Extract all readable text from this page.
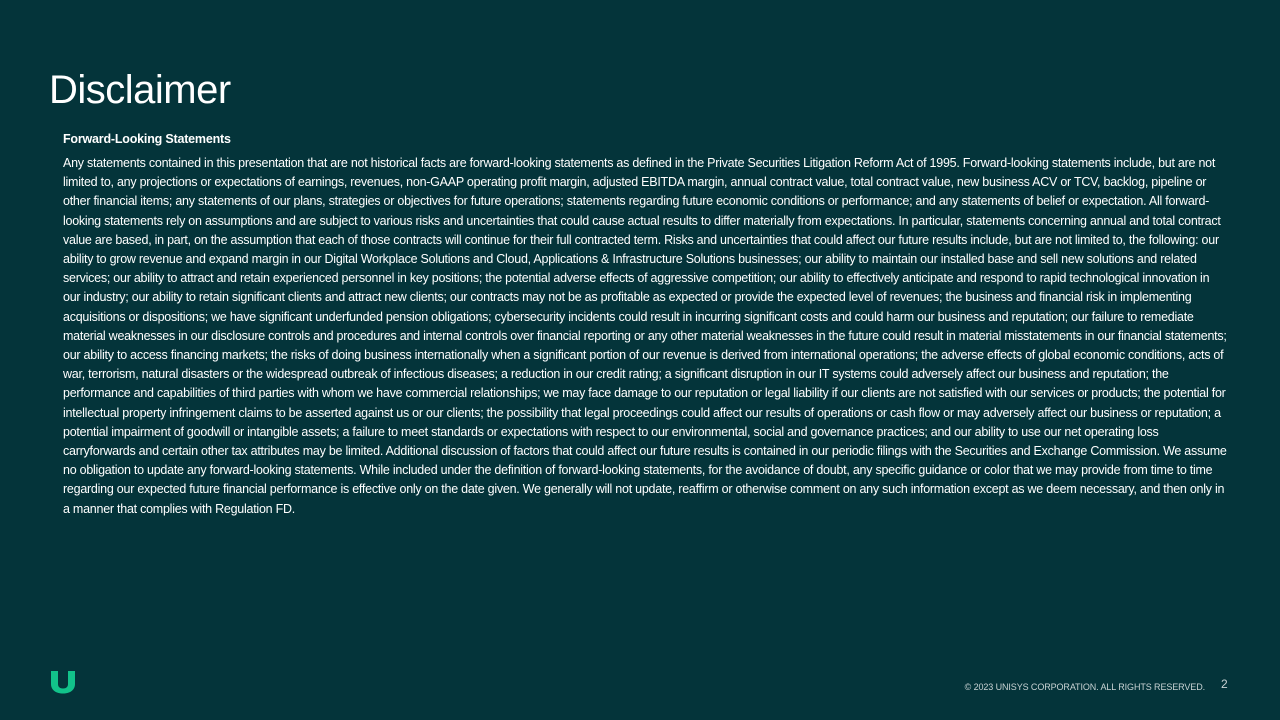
Disclaimer
Forward-Looking Statements

Any statements contained in this presentation that are not historical facts are forward-looking statements as defined in the Private Securities Litigation Reform Act of 1995. Forward-looking statements include, but are not limited to, any projections or expectations of earnings, revenues, non-GAAP operating profit margin, adjusted EBITDA margin, annual contract value, total contract value, new business ACV or TCV, backlog, pipeline or other financial items; any statements of our plans, strategies or objectives for future operations; statements regarding future economic conditions or performance; and any statements of belief or expectation. All forward-looking statements rely on assumptions and are subject to various risks and uncertainties that could cause actual results to differ materially from expectations. In particular, statements concerning annual and total contract value are based, in part, on the assumption that each of those contracts will continue for their full contracted term. Risks and uncertainties that could affect our future results include, but are not limited to, the following: our ability to grow revenue and expand margin in our Digital Workplace Solutions and Cloud, Applications & Infrastructure Solutions businesses; our ability to maintain our installed base and sell new solutions and related services; our ability to attract and retain experienced personnel in key positions; the potential adverse effects of aggressive competition; our ability to effectively anticipate and respond to rapid technological innovation in our industry; our ability to retain significant clients and attract new clients; our contracts may not be as profitable as expected or provide the expected level of revenues; the business and financial risk in implementing acquisitions or dispositions; we have significant underfunded pension obligations; cybersecurity incidents could result in incurring significant costs and could harm our business and reputation; our failure to remediate material weaknesses in our disclosure controls and procedures and internal controls over financial reporting or any other material weaknesses in the future could result in material misstatements in our financial statements; our ability to access financing markets; the risks of doing business internationally when a significant portion of our revenue is derived from international operations; the adverse effects of global economic conditions, acts of war, terrorism, natural disasters or the widespread outbreak of infectious diseases; a reduction in our credit rating; a significant disruption in our IT systems could adversely affect our business and reputation; the performance and capabilities of third parties with whom we have commercial relationships; we may face damage to our reputation or legal liability if our clients are not satisfied with our services or products; the potential for intellectual property infringement claims to be asserted against us or our clients; the possibility that legal proceedings could affect our results of operations or cash flow or may adversely affect our business or reputation; a potential impairment of goodwill or intangible assets; a failure to meet standards or expectations with respect to our environmental, social and governance practices; and our ability to use our net operating loss carryforwards and certain other tax attributes may be limited. Additional discussion of factors that could affect our future results is contained in our periodic filings with the Securities and Exchange Commission. We assume no obligation to update any forward-looking statements. While included under the definition of forward-looking statements, for the avoidance of doubt, any specific guidance or color that we may provide from time to time regarding our expected future financial performance is effective only on the date given. We generally will not update, reaffirm or otherwise comment on any such information except as we deem necessary, and then only in a manner that complies with Regulation FD.

© 2023 UNISYS CORPORATION. ALL RIGHTS RESERVED. 2
